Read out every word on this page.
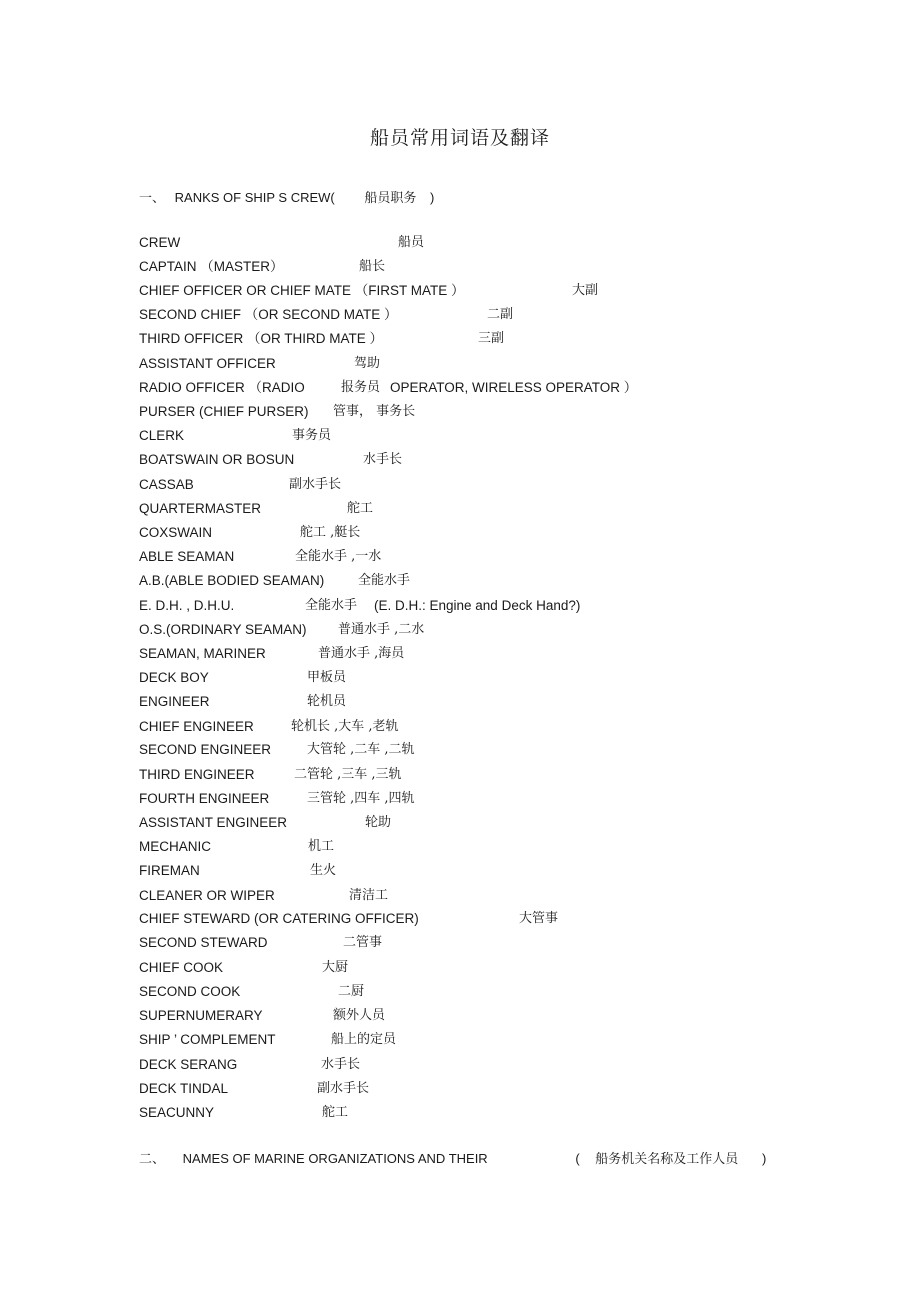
船员常用词语及翻译
一、 RANKS OF SHIP S CREW( 船员职务 )
CREW	船员
CAPTAIN （MASTER）	船长
CHIEF OFFICER OR CHIEF MATE （FIRST MATE ）	大副
SECOND CHIEF （OR SECOND MATE ）	二副
THIRD OFFICER （OR THIRD MATE ）	三副
ASSISTANT OFFICER	驾助
RADIO OFFICER （RADIO	报务员 OPERATOR, WIRELESS OPERATOR ）
PURSER (CHIEF PURSER) 管事， 事务长
CLERK	事务员
BOATSWAIN OR BOSUN	水手长
CASSAB	副水手长
QUARTERMASTER	舵工
COXSWAIN	舵工 ,艇长
ABLE SEAMAN	全能水手 ,一水
A.B.(ABLE BODIED SEAMAN)	全能水手
E. D.H. , D.H.U.	全能水手 (E. D.H.: Engine and Deck Hand?)
O.S.(ORDINARY SEAMAN) 普通水手 ,二水
SEAMAN, MARINER	普通水手 ,海员
DECK BOY	甲板员
ENGINEER	轮机员
CHIEF ENGINEER	轮机长 ,大车 ,老轨
SECOND ENGINEER	大管轮 ,二车 ,二轨
THIRD ENGINEER	二管轮 ,三车 ,三轨
FOURTH ENGINEER	三管轮 ,四车 ,四轨
ASSISTANT ENGINEER	轮助
MECHANIC	机工
FIREMAN	生火
CLEANER OR WIPER	清洁工
CHIEF STEWARD (OR CATERING OFFICER)	大管事
SECOND STEWARD	二管事
CHIEF COOK	大厨
SECOND COOK	二厨
SUPERNUMERARY	额外人员
SHIP ’ COMPLEMENT	船上的定员
DECK SERANG	水手长
DECK TINDAL	副水手长
SEACUNNY	舵工
二、 NAMES OF MARINE ORGANIZATIONS AND THEIR	( 船务机关名称及工作人员 )
